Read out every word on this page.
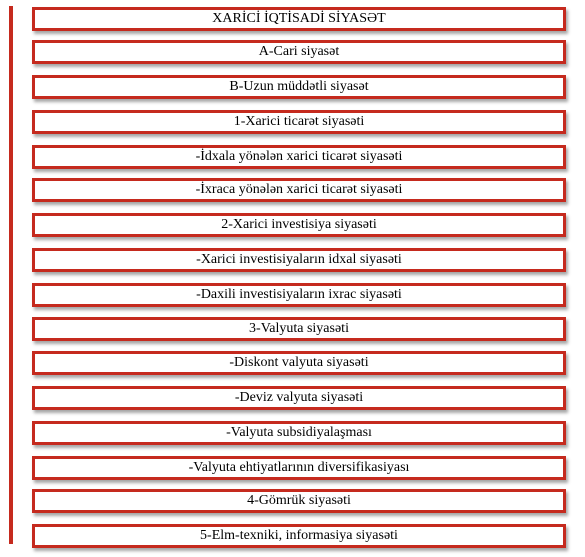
XARİCİ İQTİSADİ SİYASƏT
A-Cari siyasət
B-Uzun müddətli siyasət
1-Xarici ticarət siyasəti
-İdxala yönələn xarici ticarət siyasəti
-İxraca yönələn xarici ticarət siyasəti
2-Xarici investisiya siyasəti
-Xarici investisiyaların idxal siyasəti
-Daxili investisiyaların ixrac siyasəti
3-Valyuta siyasəti
-Diskont valyuta siyasəti
-Deviz valyuta siyasəti
-Valyuta subsidiyalaşması
-Valyuta ehtiyatlarının diversifikasiyası
4-Gömrük siyasəti
5-Elm-texniki, informasiya siyasəti
